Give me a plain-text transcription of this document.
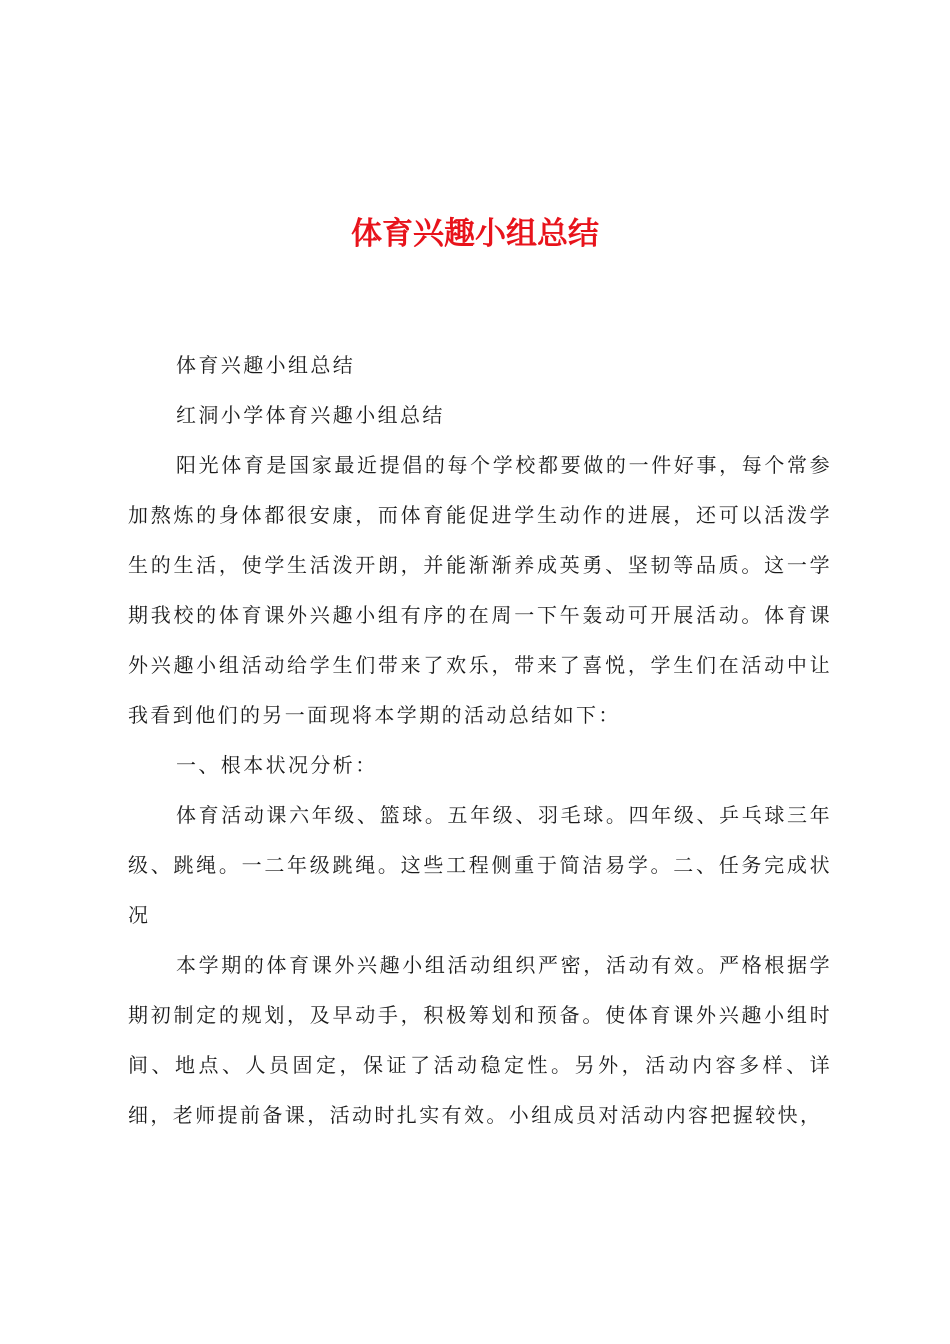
体育兴趣小组总结

体育兴趣小组总结

红洞小学体育兴趣小组总结

阳光体育是国家最近提倡的每个学校都要做的一件好事，每个常参加熬炼的身体都很安康，而体育能促进学生动作的进展，还可以活泼学生的生活，使学生活泼开朗，并能渐渐养成英勇、坚韧等品质。这一学期我校的体育课外兴趣小组有序的在周一下午轰动可开展活动。体育课外兴趣小组活动给学生们带来了欢乐，带来了喜悦，学生们在活动中让我看到他们的另一面现将本学期的活动总结如下：

一、根本状况分析：

体育活动课六年级、篮球。五年级、羽毛球。四年级、乒乓球三年级、跳绳。一二年级跳绳。这些工程侧重于简洁易学。二、任务完成状况

本学期的体育课外兴趣小组活动组织严密，活动有效。严格根据学期初制定的规划，及早动手，积极筹划和预备。使体育课外兴趣小组时间、地点、人员固定，保证了活动稳定性。另外，活动内容多样、详细，老师提前备课，活动时扎实有效。小组成员对活动内容把握较快，
